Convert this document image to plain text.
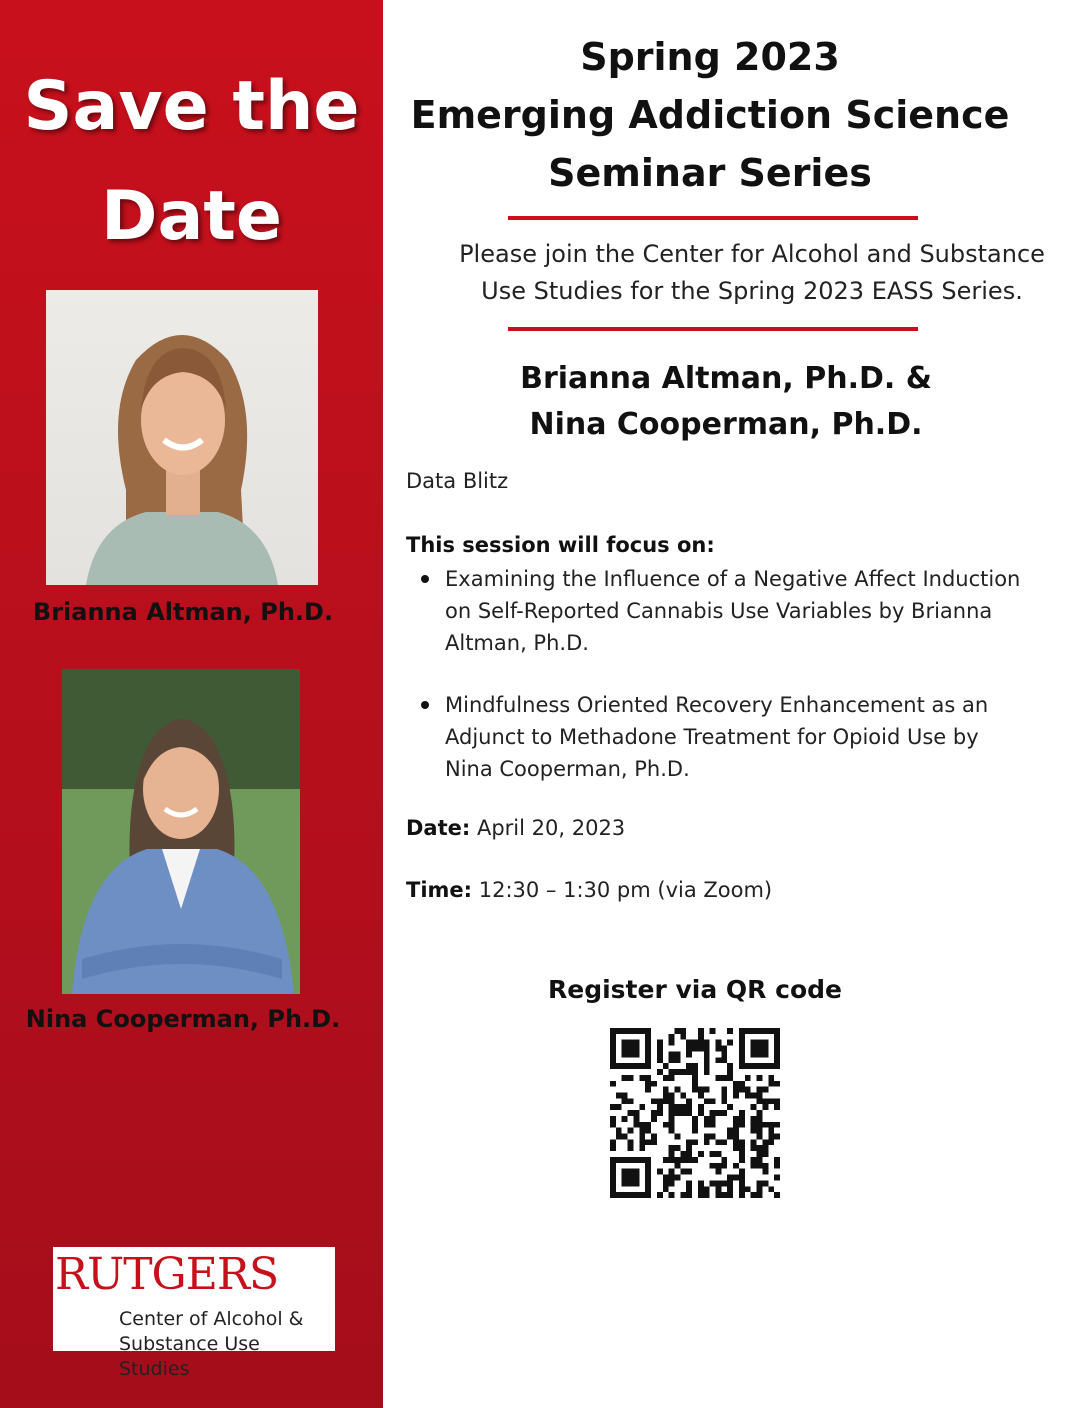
Save the
Date
Brianna Altman, Ph.D.
Nina Cooperman, Ph.D.
RUTGERS
Center of Alcohol &
Substance Use Studies
Spring 2023
Emerging Addiction Science
Seminar Series
Please join the Center for Alcohol and Substance
Use Studies for the Spring 2023 EASS Series.
Brianna Altman, Ph.D. &
Nina Cooperman, Ph.D.
Data Blitz
This session will focus on:
Examining the Influence of a Negative Affect Induction
on Self-Reported Cannabis Use Variables by Brianna
Altman, Ph.D.
Mindfulness Oriented Recovery Enhancement as an
Adjunct to Methadone Treatment for Opioid Use by
Nina Cooperman, Ph.D.
Date: April 20, 2023
Time: 12:30 – 1:30 pm (via Zoom)
Register via QR code
